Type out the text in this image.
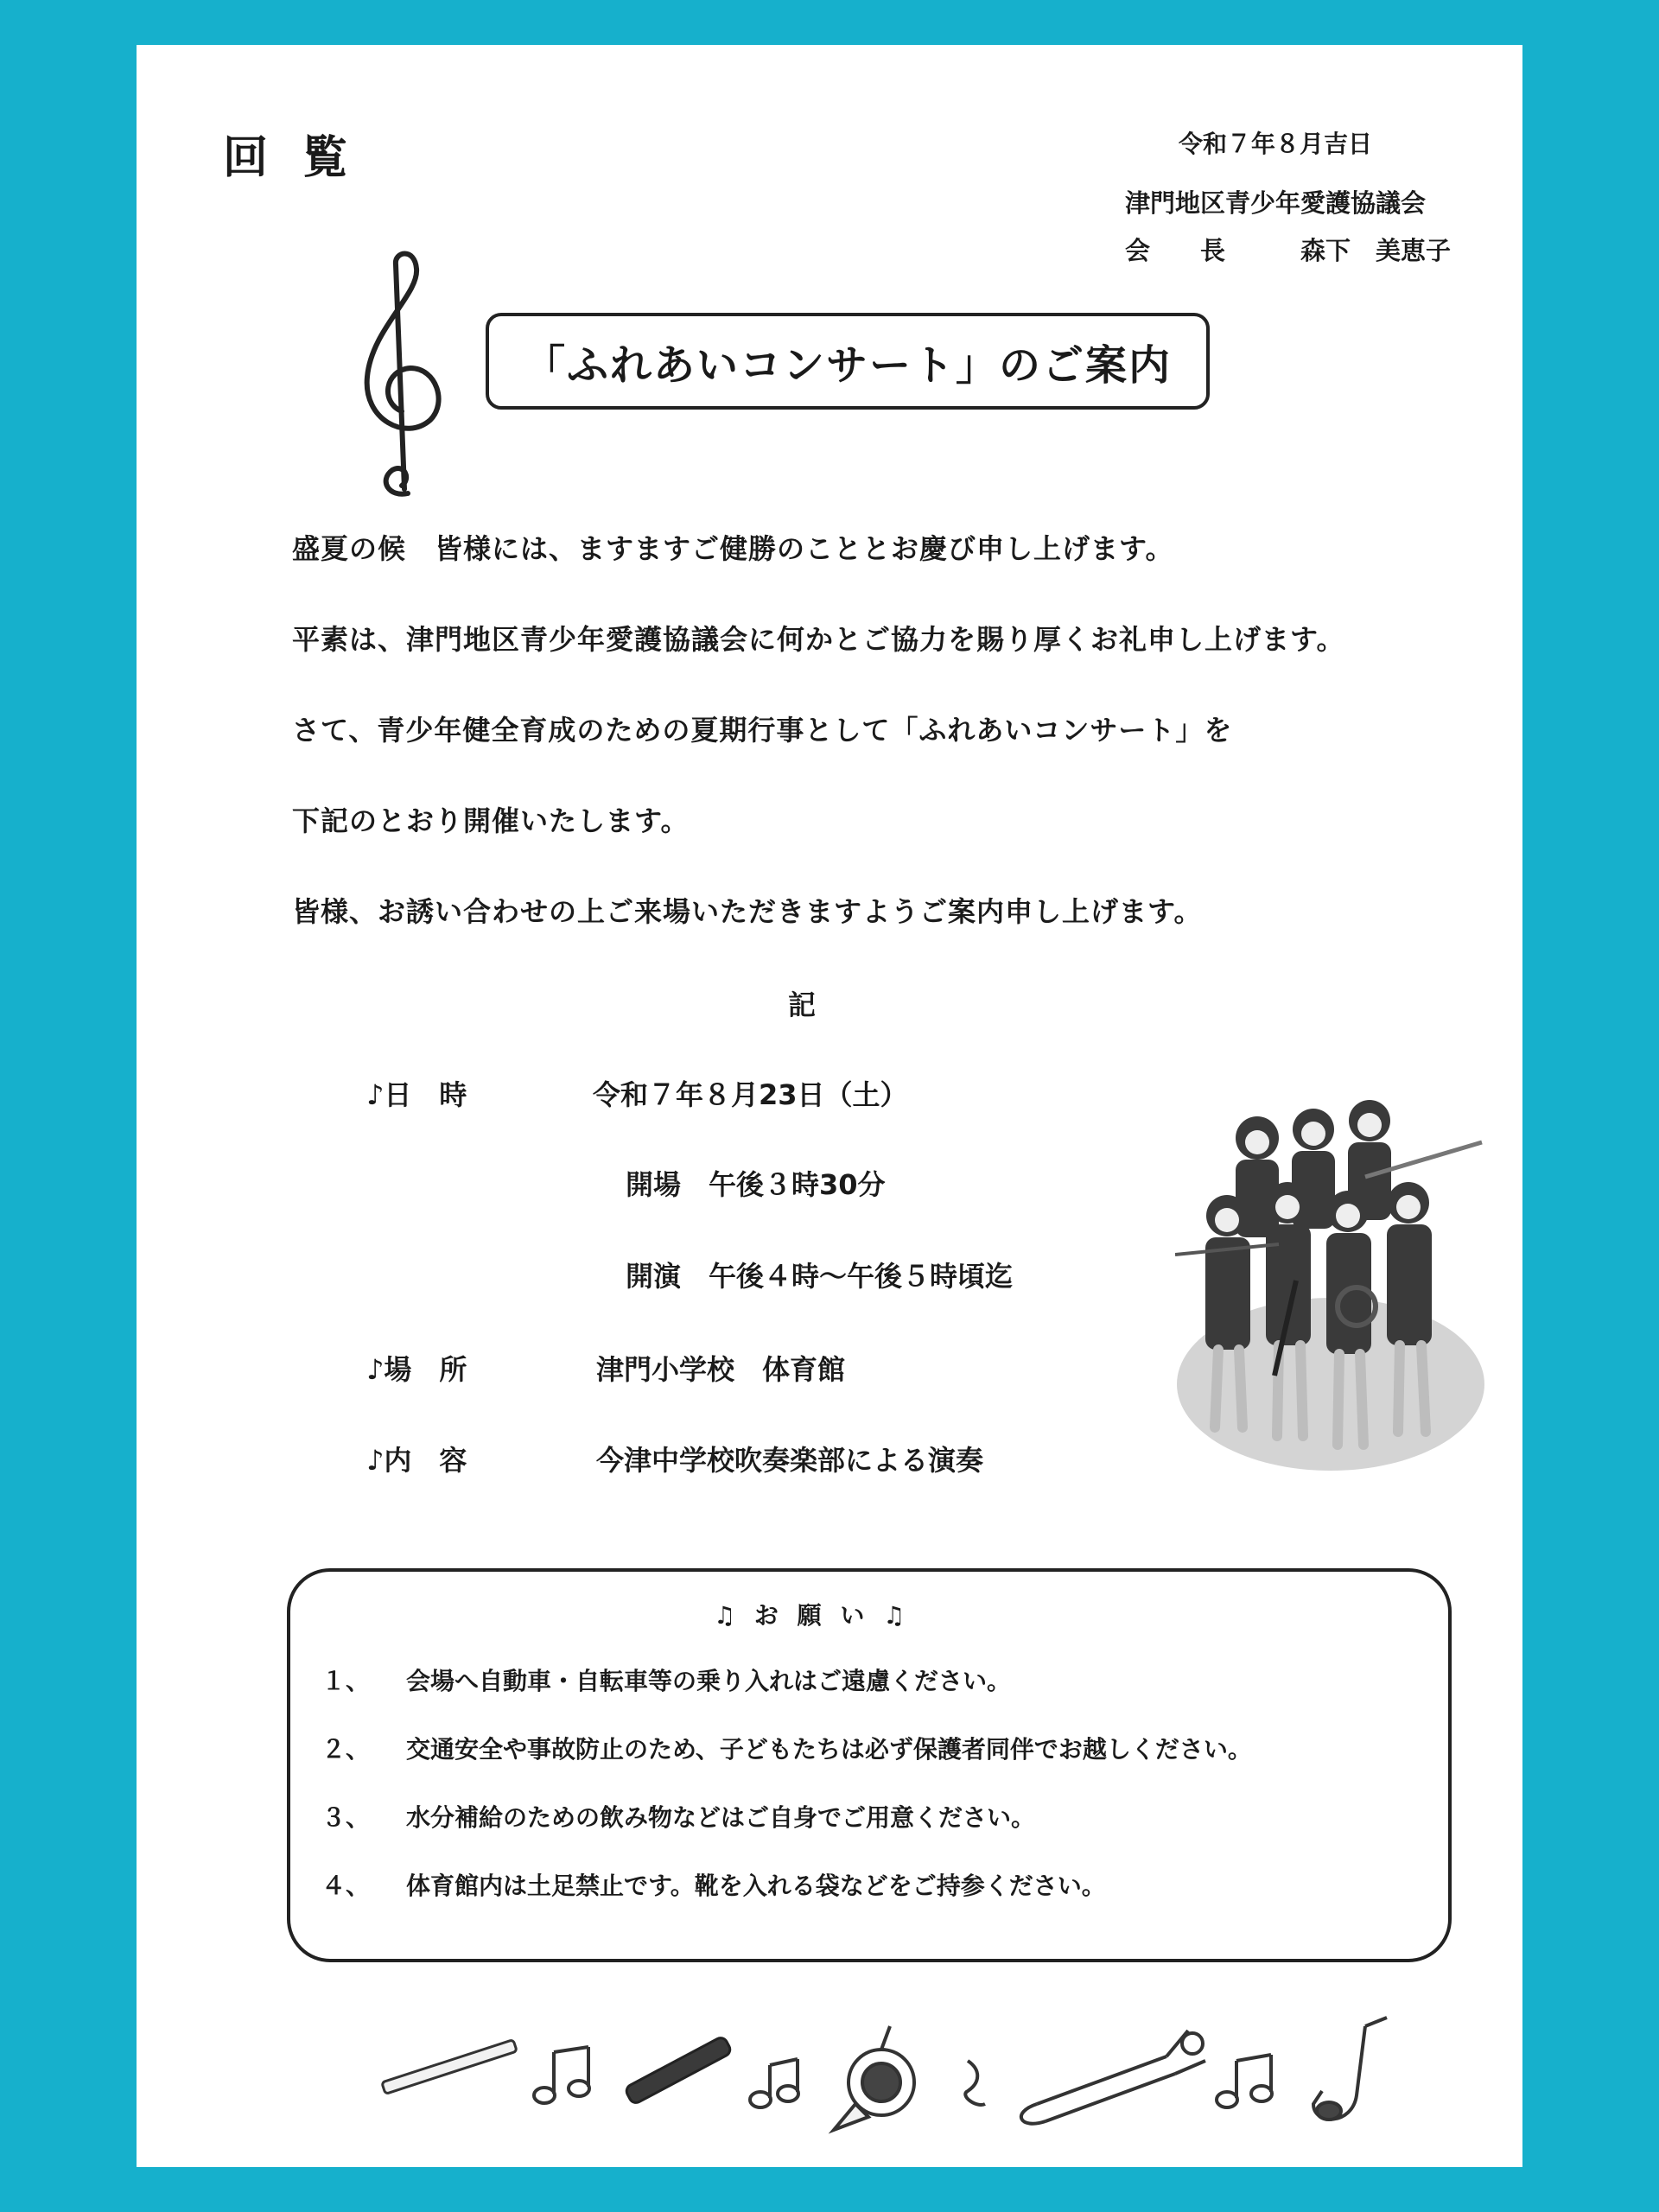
回覧	令和７年８月吉日
津門地区青少年愛護協議会
会　　長	森下　美恵子
「ふれあいコンサート」のご案内
盛夏の候　皆様には、ますますご健勝のこととお慶び申し上げます。
平素は、津門地区青少年愛護協議会に何かとご協力を賜り厚くお礼申し上げます。
さて、青少年健全育成のための夏期行事として「ふれあいコンサート」を
下記のとおり開催いたします。
皆様、お誘い合わせの上ご来場いただきますようご案内申し上げます。
記
♪日　時	令和７年８月23日（土）
開場　午後３時30分
開演　午後４時～午後５時頃迄
♪場　所	津門小学校　体育館
♪内　容	今津中学校吹奏楽部による演奏
♫ お 願 い ♫
１、 会場へ自動車・自転車等の乗り入れはご遠慮ください。
２、 交通安全や事故防止のため、子どもたちは必ず保護者同伴でお越しください。
３、 水分補給のための飲み物などはご自身でご用意ください。
４、 体育館内は土足禁止です。靴を入れる袋などをご持参ください。
